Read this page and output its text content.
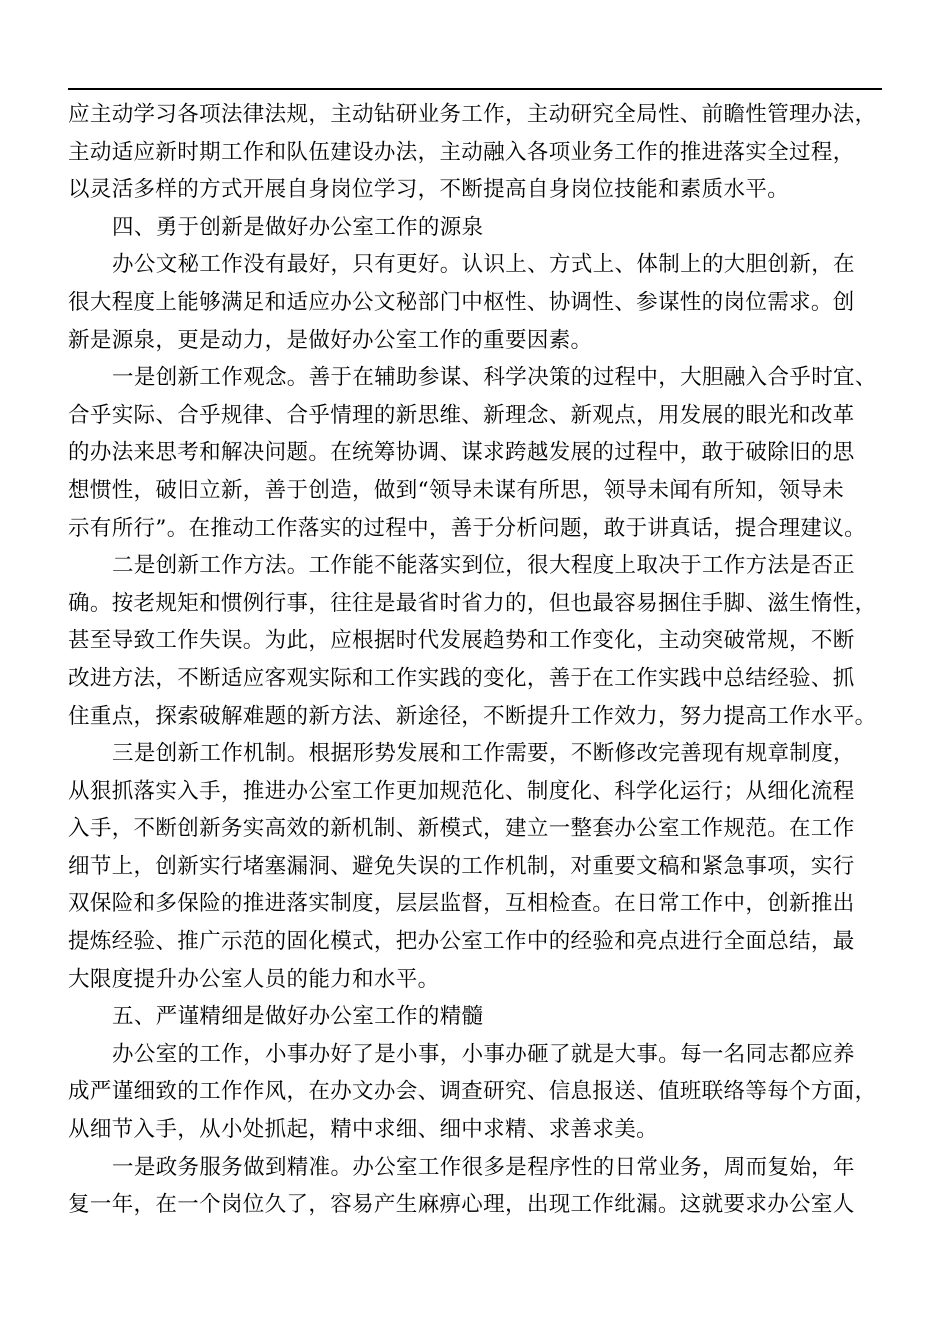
应主动学习各项法律法规，主动钻研业务工作，主动研究全局性、前瞻性管理办法，
主动适应新时期工作和队伍建设办法，主动融入各项业务工作的推进落实全过程，
以灵活多样的方式开展自身岗位学习，不断提高自身岗位技能和素质水平。
四、勇于创新是做好办公室工作的源泉
办公文秘工作没有最好，只有更好。认识上、方式上、体制上的大胆创新，在
很大程度上能够满足和适应办公文秘部门中枢性、协调性、参谋性的岗位需求。创
新是源泉，更是动力，是做好办公室工作的重要因素。
一是创新工作观念。善于在辅助参谋、科学决策的过程中，大胆融入合乎时宜、
合乎实际、合乎规律、合乎情理的新思维、新理念、新观点，用发展的眼光和改革
的办法来思考和解决问题。在统筹协调、谋求跨越发展的过程中，敢于破除旧的思
想惯性，破旧立新，善于创造，做到“领导未谋有所思，领导未闻有所知，领导未
示有所行”。在推动工作落实的过程中，善于分析问题，敢于讲真话，提合理建议。
二是创新工作方法。工作能不能落实到位，很大程度上取决于工作方法是否正
确。按老规矩和惯例行事，往往是最省时省力的，但也最容易捆住手脚、滋生惰性，
甚至导致工作失误。为此，应根据时代发展趋势和工作变化，主动突破常规，不断
改进方法，不断适应客观实际和工作实践的变化，善于在工作实践中总结经验、抓
住重点，探索破解难题的新方法、新途径，不断提升工作效力，努力提高工作水平。
三是创新工作机制。根据形势发展和工作需要，不断修改完善现有规章制度，
从狠抓落实入手，推进办公室工作更加规范化、制度化、科学化运行；从细化流程
入手，不断创新务实高效的新机制、新模式，建立一整套办公室工作规范。在工作
细节上，创新实行堵塞漏洞、避免失误的工作机制，对重要文稿和紧急事项，实行
双保险和多保险的推进落实制度，层层监督，互相检查。在日常工作中，创新推出
提炼经验、推广示范的固化模式，把办公室工作中的经验和亮点进行全面总结，最
大限度提升办公室人员的能力和水平。
五、严谨精细是做好办公室工作的精髓
办公室的工作，小事办好了是小事，小事办砸了就是大事。每一名同志都应养
成严谨细致的工作作风，在办文办会、调查研究、信息报送、值班联络等每个方面，
从细节入手，从小处抓起，精中求细、细中求精、求善求美。
一是政务服务做到精准。办公室工作很多是程序性的日常业务，周而复始，年
复一年，在一个岗位久了，容易产生麻痹心理，出现工作纰漏。这就要求办公室人
